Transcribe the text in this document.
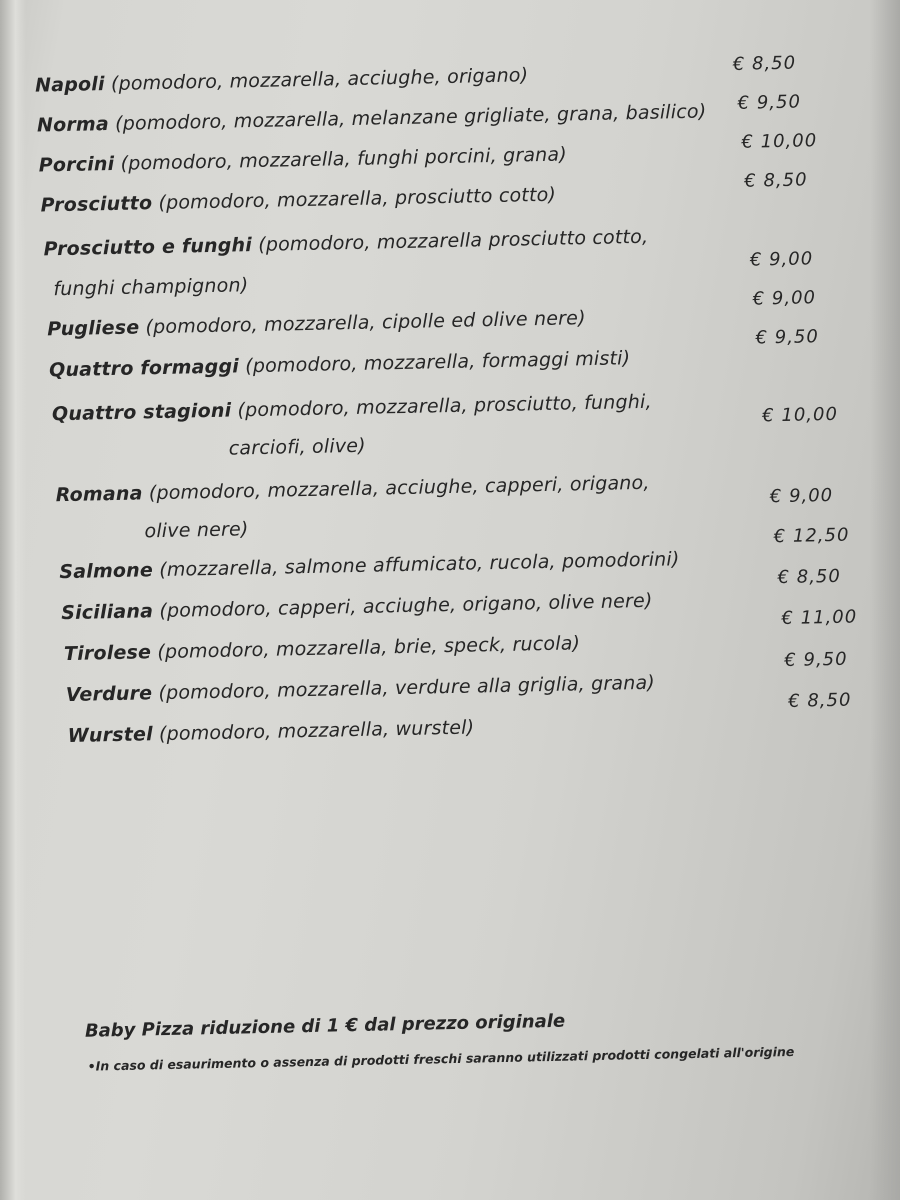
Napoli (pomodoro, mozzarella, acciughe, origano)
€ 8,50
Norma (pomodoro, mozzarella, melanzane grigliate, grana, basilico) € 9,50
Porcini (pomodoro, mozzarella, funghi porcini, grana)
€ 10,00
Prosciutto (pomodoro, mozzarella, prosciutto cotto)
€ 8,50
Prosciutto e funghi (pomodoro, mozzarella prosciutto cotto,
funghi champignon)
€ 9,00
Pugliese (pomodoro, mozzarella, cipolle ed olive nere)
€ 9,00
Quattro formaggi (pomodoro, mozzarella, formaggi misti)
€ 9,50
Quattro stagioni (pomodoro, mozzarella, prosciutto, funghi,
carciofi, olive)
€ 10,00
Romana (pomodoro, mozzarella, acciughe, capperi, origano,
olive nere)
€ 9,00
Salmone (mozzarella, salmone affumicato, rucola, pomodorini)
€ 12,50
Siciliana (pomodoro, capperi, acciughe, origano, olive nere)
€ 8,50
Tirolese (pomodoro, mozzarella, brie, speck, rucola)
€ 11,00
Verdure (pomodoro, mozzarella, verdure alla griglia, grana)
€ 9,50
Wurstel (pomodoro, mozzarella, wurstel)
€ 8,50
Baby Pizza riduzione di 1 € dal prezzo originale
•In caso di esaurimento o assenza di prodotti freschi saranno utilizzati prodotti congelati all'origine
